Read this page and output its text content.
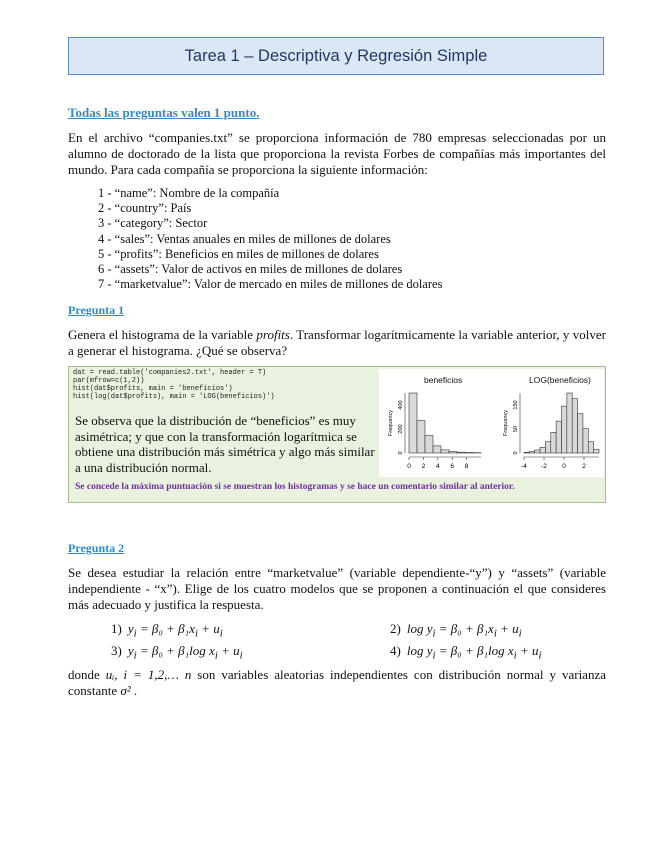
Tarea 1 – Descriptiva y Regresión Simple
Todas las preguntas valen 1 punto.
En el archivo “companies.txt” se proporciona información de 780 empresas seleccionadas por un alumno de doctorado de la lista que proporciona la revista Forbes de compañías más importantes del mundo. Para cada compañía se proporciona la siguiente información:
1 - “name”: Nombre de la compañía
2 - “country”: País
3 - “category”: Sector
4 - “sales”: Ventas anuales en miles de millones de dolares
5 - “profits”: Beneficios en miles de millones de dolares
6 - “assets”: Valor de activos en miles de millones de dolares
7 - “marketvalue”: Valor de mercado en miles de millones de dolares
Pregunta 1
Genera el histograma de la variable profits. Transformar logarítmicamente la variable anterior, y volver a generar el histograma. ¿Qué se observa?
dat = read.table('companies2.txt', header = T)
par(mfrow=c(1,2))
hist(dat$profits, main = 'beneficios')
hist(log(dat$profits), main = 'LOG(beneficios)')
Se observa que la distribución de “beneficios” es muy asimétrica; y que con la transformación logarítmica se obtiene una distribución más simétrica y algo más similar a una distribución normal.
beneficios	LOG(beneficios)
0 2 4 6 8
0
200
400
Frequency
-4 -2 0	2
0
50
150
Frequency
Se concede la máxima puntuación si se muestran los histogramas y se hace un comentario similar al anterior.
Pregunta 2
Se desea estudiar la relación entre “marketvalue” (variable dependiente-“y”) y “assets” (variable independiente - “x”). Elige de los cuatro modelos que se proponen a continuación el que consideres más adecuado y justifica la respuesta.
1) $y_i = \beta_0 + \beta_1x_i + u_i$	2) $\log y_i = \beta_0 + \beta_1x_i + u_i$
3) $y_i = \beta_0 + \beta_1\log$ $x_i + u_i$	4) $\log y_i = \beta_0 + \beta_1\log$ $x_i + u_i$
donde uᵢ, i = 1,2,… n son variables aleatorias independientes con distribución normal y varianza constante σ² .
